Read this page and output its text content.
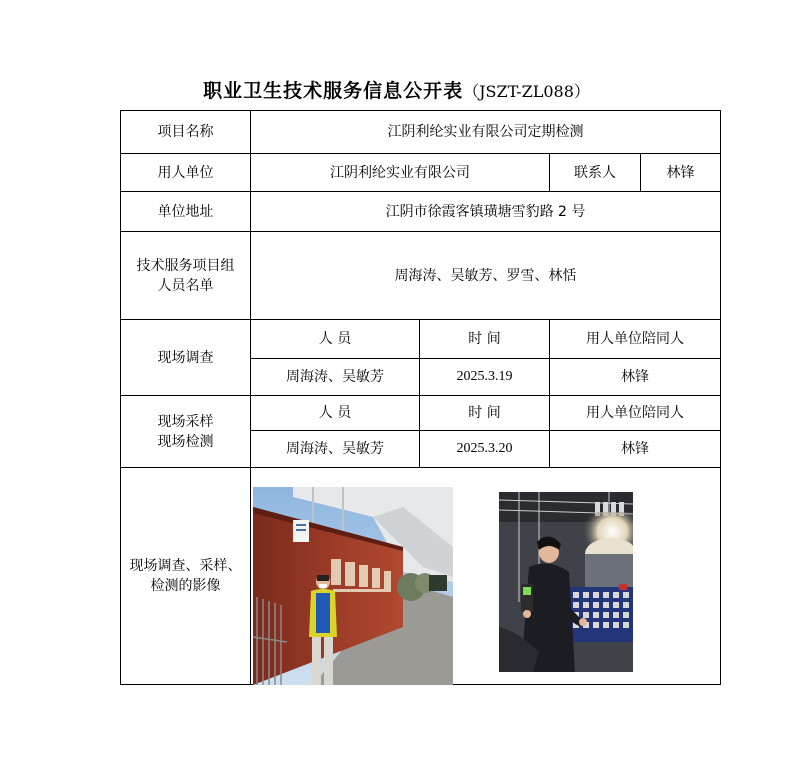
职业卫生技术服务信息公开表（JSZT-ZL088）
项目名称	江阴利纶实业有限公司定期检测			
用人单位	江阴利纶实业有限公司		联系人	林锋
单位地址	江阴市徐霞客镇璜塘雪豹路 2 号			

技术服务项目组
人员名单	周海涛、吴敏芳、罗雪、林恬			
现场调查	人 员	时 间	用人单位陪同人	
	周海涛、吴敏芳	2025.3.19	林锋	

现场采样
现场检测	人 员	时 间	用人单位陪同人	
	周海涛、吴敏芳	2025.3.20	林锋	

现场调查、采样、
检测的影像
